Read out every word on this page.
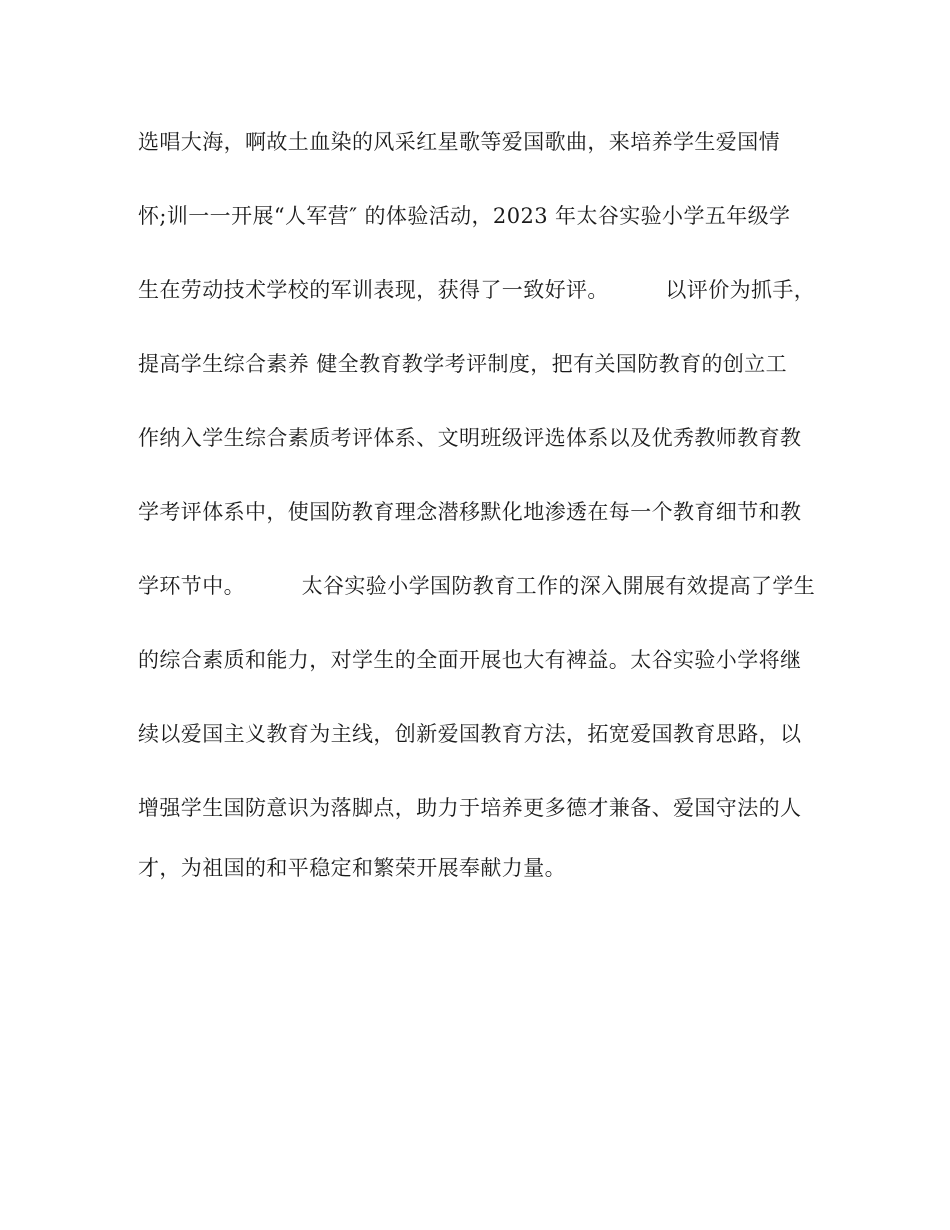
选唱大海，啊故土血染的风采红星歌等爱国歌曲，来培养学生爱国情
怀;训一一开展“人军营″ 的体验活动，2023 年太谷实验小学五年级学
生在劳动技术学校的军训表现，获得了一致好评。        以评价为抓手，
提高学生综合素养 健全教育教学考评制度，把有关国防教育的创立工
作纳入学生综合素质考评体系、文明班级评选体系以及优秀教师教育教
学考评体系中，使国防教育理念潜移默化地渗透在每一个教育细节和教
学环节中。        太谷实验小学国防教育工作的深入開展有效提高了学生
的综合素质和能力，对学生的全面开展也大有裨益。太谷实验小学将继
续以爱国主义教育为主线，创新爱国教育方法，拓宽爱国教育思路，以
增强学生国防意识为落脚点，助力于培养更多德才兼备、爱国守法的人
才，为祖国的和平稳定和繁荣开展奉献力量。
